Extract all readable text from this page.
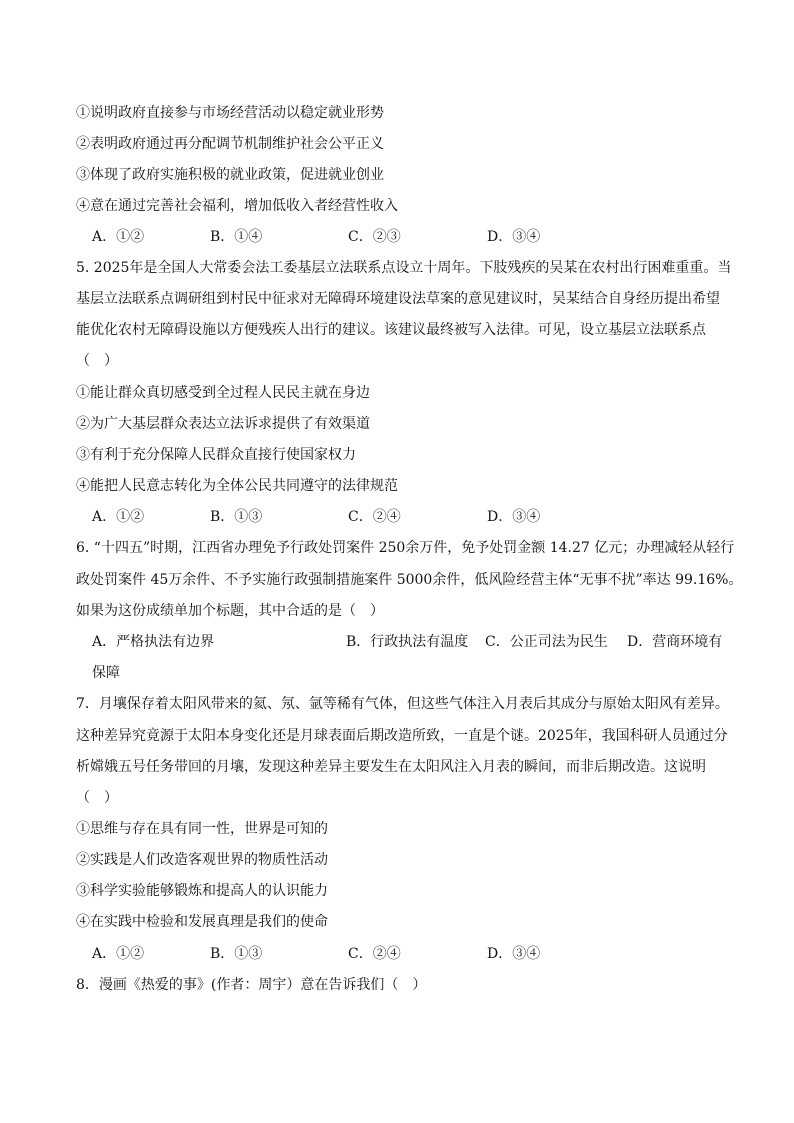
①说明政府直接参与市场经营活动以稳定就业形势
②表明政府通过再分配调节机制维护社会公平正义
③体现了政府实施积极的就业政策，促进就业创业
④意在通过完善社会福利，增加低收入者经营性收入
A．①②	B．①④	C．②③	D．③④
5. 2025年是全国人大常委会法工委基层立法联系点设立十周年。下肢残疾的吴某在农村出行困难重重。当
基层立法联系点调研组到村民中征求对无障碍环境建设法草案的意见建议时，吴某结合自身经历提出希望
能优化农村无障碍设施以方便残疾人出行的建议。该建议最终被写入法律。可见，设立基层立法联系点
（　）
①能让群众真切感受到全过程人民民主就在身边
②为广大基层群众表达立法诉求提供了有效渠道
③有利于充分保障人民群众直接行使国家权力
④能把人民意志转化为全体公民共同遵守的法律规范
A．①②	B．①③	C．②④	D．③④
6. “十四五”时期，江西省办理免予行政处罚案件 250余万件，免予处罚金额 14.27 亿元；办理减轻从轻行
政处罚案件 45万余件、不予实施行政强制措施案件 5000余件，低风险经营主体“无事不扰”率达 99.16%。
如果为这份成绩单加个标题，其中合适的是（　）
A．严格执法有边界	B．行政执法有温度 C．公正司法为民生 D．营商环境有
保障
7．月壤保存着太阳风带来的氦、氖、氩等稀有气体，但这些气体注入月表后其成分与原始太阳风有差异。
这种差异究竟源于太阳本身变化还是月球表面后期改造所致，一直是个谜。2025年，我国科研人员通过分
析嫦娥五号任务带回的月壤，发现这种差异主要发生在太阳风注入月表的瞬间，而非后期改造。这说明
（　）
①思维与存在具有同一性，世界是可知的
②实践是人们改造客观世界的物质性活动
③科学实验能够锻炼和提高人的认识能力
④在实践中检验和发展真理是我们的使命
A．①②	B．①③	C．②④	D．③④
8．漫画《热爱的事》(作者：周宇）意在告诉我们（　）
